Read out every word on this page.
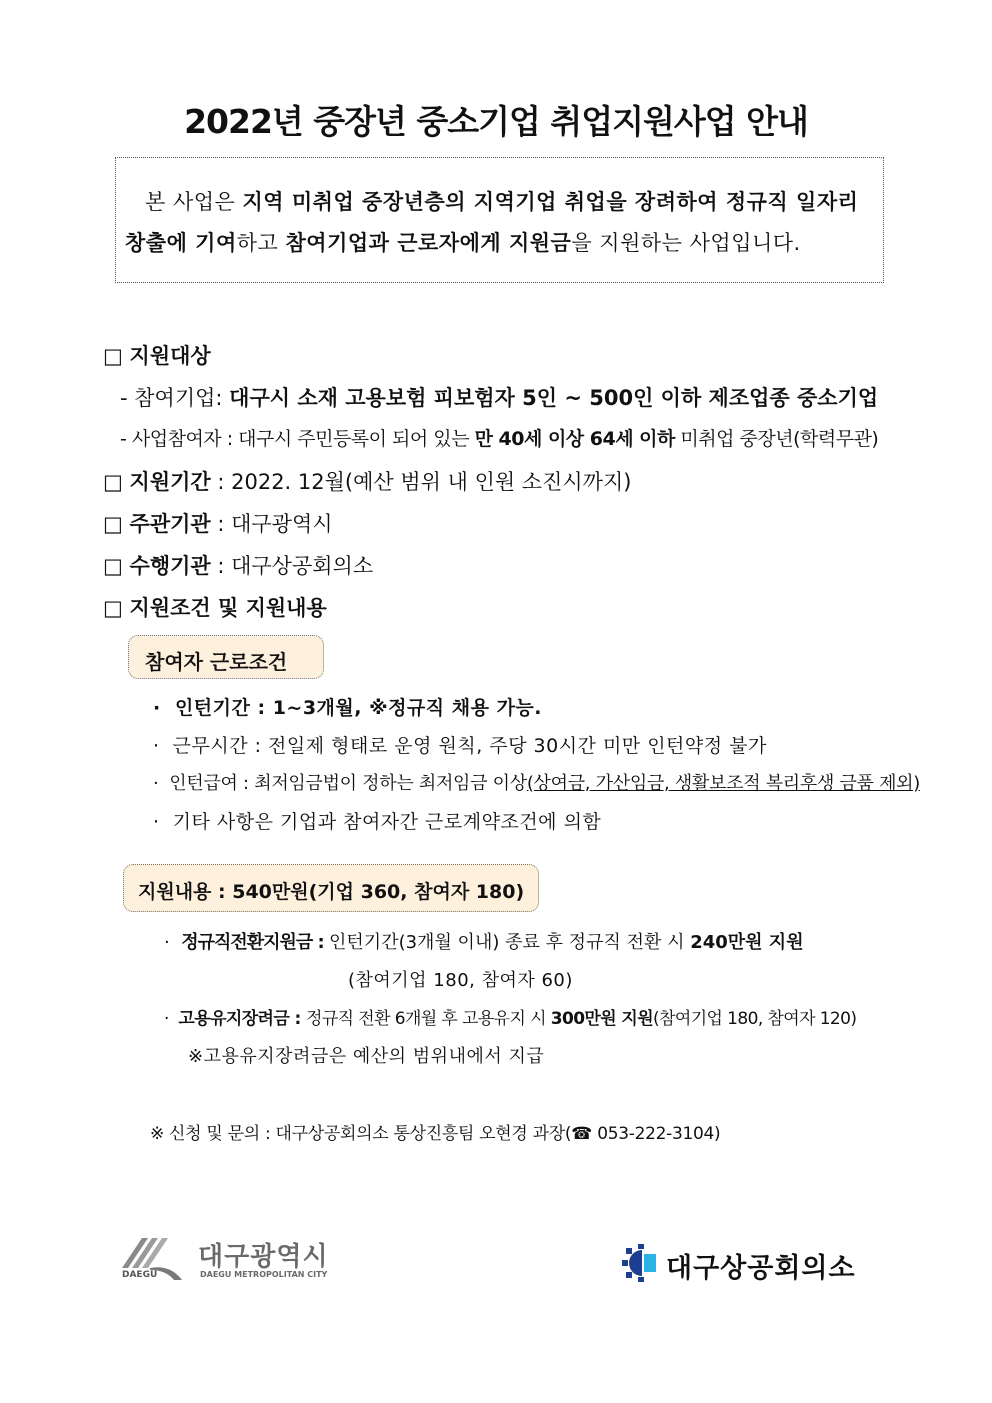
2022년 중장년 중소기업 취업지원사업 안내
본 사업은 지역 미취업 중장년층의 지역기업 취업을 장려하여 정규직 일자리
창출에 기여하고 참여기업과 근로자에게 지원금을 지원하는 사업입니다.
□ 지원대상
- 참여기업: 대구시 소재 고용보험 피보험자 5인 ~ 500인 이하 제조업종 중소기업
- 사업참여자 : 대구시 주민등록이 되어 있는 만 40세 이상 64세 이하 미취업 중장년(학력무관)
□ 지원기간 : 2022. 12월(예산 범위 내 인원 소진시까지)
□ 주관기관 : 대구광역시
□ 수행기관 : 대구상공회의소
□ 지원조건 및 지원내용
참여자 근로조건
· 인턴기간 : 1~3개월, ※정규직 채용 가능.
· 근무시간 : 전일제 형태로 운영 원칙, 주당 30시간 미만 인턴약정 불가
· 인턴급여 : 최저임금법이 정하는 최저임금 이상(상여금, 가산임금, 생활보조적 복리후생 금품 제외)
· 기타 사항은 기업과 참여자간 근로계약조건에 의함
지원내용 : 540만원(기업 360, 참여자 180)
· 정규직전환지원금 : 인턴기간(3개월 이내) 종료 후 정규직 전환 시 240만원 지원
(참여기업 180, 참여자 60)
· 고용유지장려금 : 정규직 전환 6개월 후 고용유지 시 300만원 지원(참여기업 180, 참여자 120)
※고용유지장려금은 예산의 범위내에서 지급
※ 신청 및 문의 : 대구상공회의소 통상진흥팀 오현경 과장(☎ 053-222-3104)
DAEGU
대구광역시
DAEGU METROPOLITAN CITY	대구상공회의소
